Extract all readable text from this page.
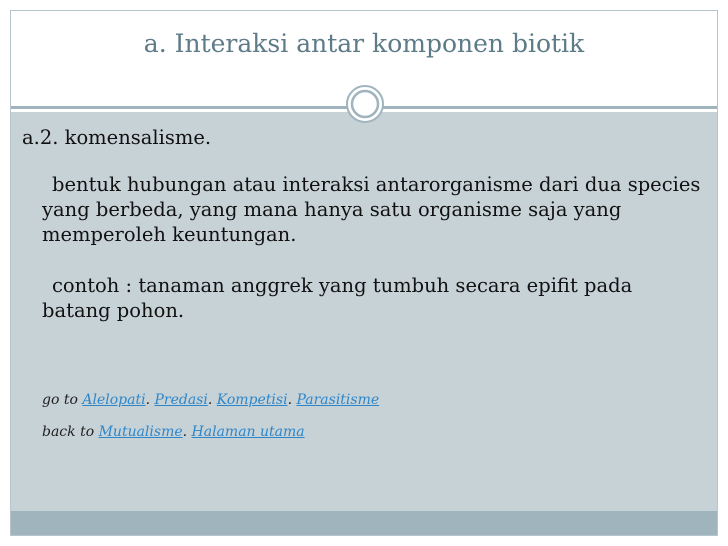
a. Interaksi antar komponen biotik
a.2. komensalisme.
bentuk hubungan atau interaksi antarorganisme dari dua species yang berbeda, yang mana hanya satu organisme saja yang memperoleh keuntungan.
contoh : tanaman anggrek yang tumbuh secara epifit pada batang pohon.
go to Alelopati. Predasi. Kompetisi. Parasitisme
back to Mutualisme. Halaman utama
